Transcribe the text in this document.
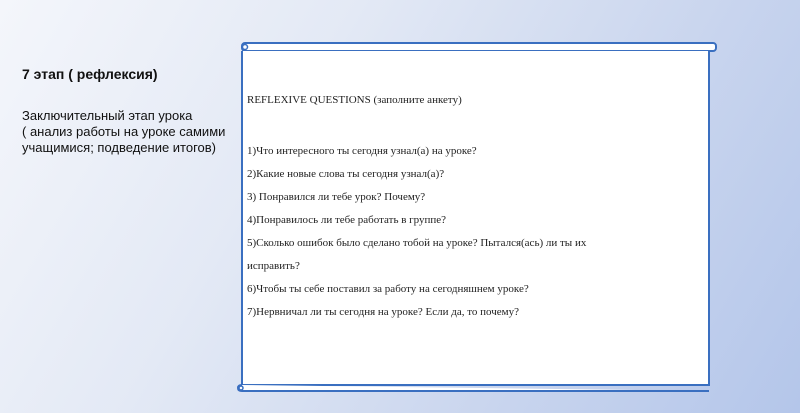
7 этап ( рефлексия)
Заключительный этап урока
( анализ работы на уроке самими
учащимися; подведение итогов)
REFLEXIVE QUESTIONS (заполните анкету)
1)Что интересного ты сегодня узнал(а) на уроке?
2)Какие новые слова ты сегодня узнал(а)?
3) Понравился ли тебе урок? Почему?
4)Понравилось ли тебе работать в группе?
5)Сколько ошибок было сделано тобой на уроке? Пытался(ась) ли ты их
исправить?
6)Чтобы ты себе поставил за работу на сегодняшнем уроке?
7)Нервничал ли ты сегодня на уроке? Если да, то почему?
